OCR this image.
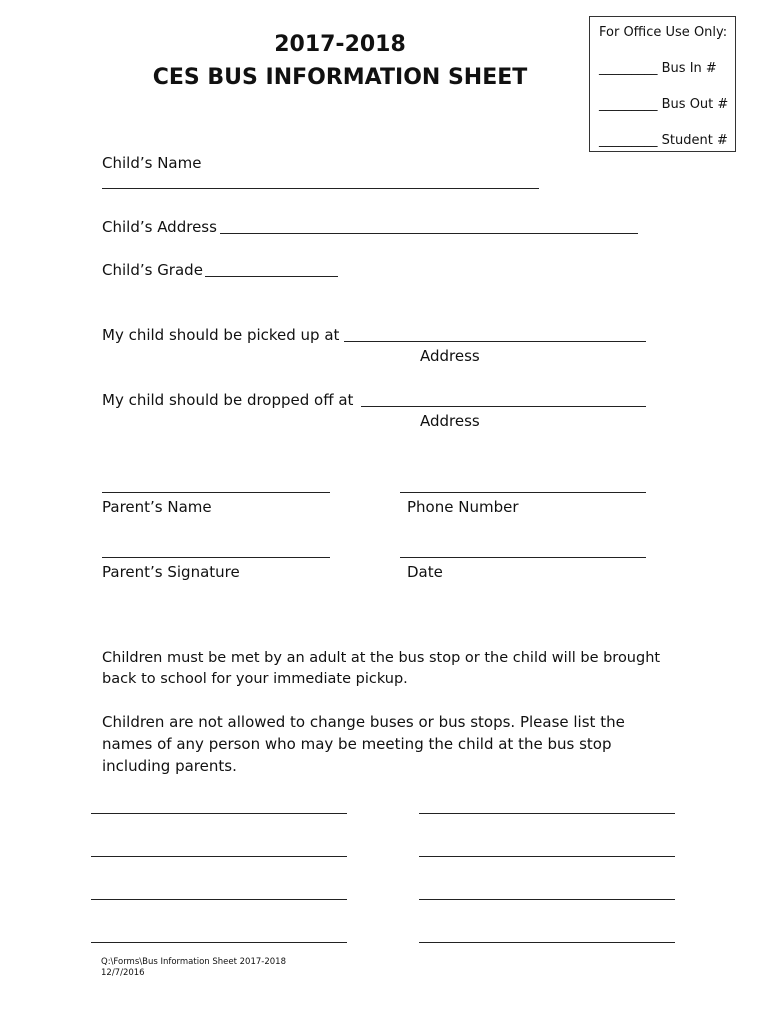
2017-2018
CES BUS INFORMATION SHEET
For Office Use Only:
_________ Bus In #
_________ Bus Out #
_________ Student #
Child’s Name
Child’s Address
Child’s Grade
My child should be picked up at
Address
My child should be dropped off at
Address
Parent’s Name	Phone Number
Parent’s Signature	Date
Children must be met by an adult at the bus stop or the child will be brought back to school for your immediate pickup.
Children are not allowed to change buses or bus stops. Please list the names of any person who may be meeting the child at the bus stop including parents.
Q:\Forms\Bus Information Sheet 2017-2018
12/7/2016
